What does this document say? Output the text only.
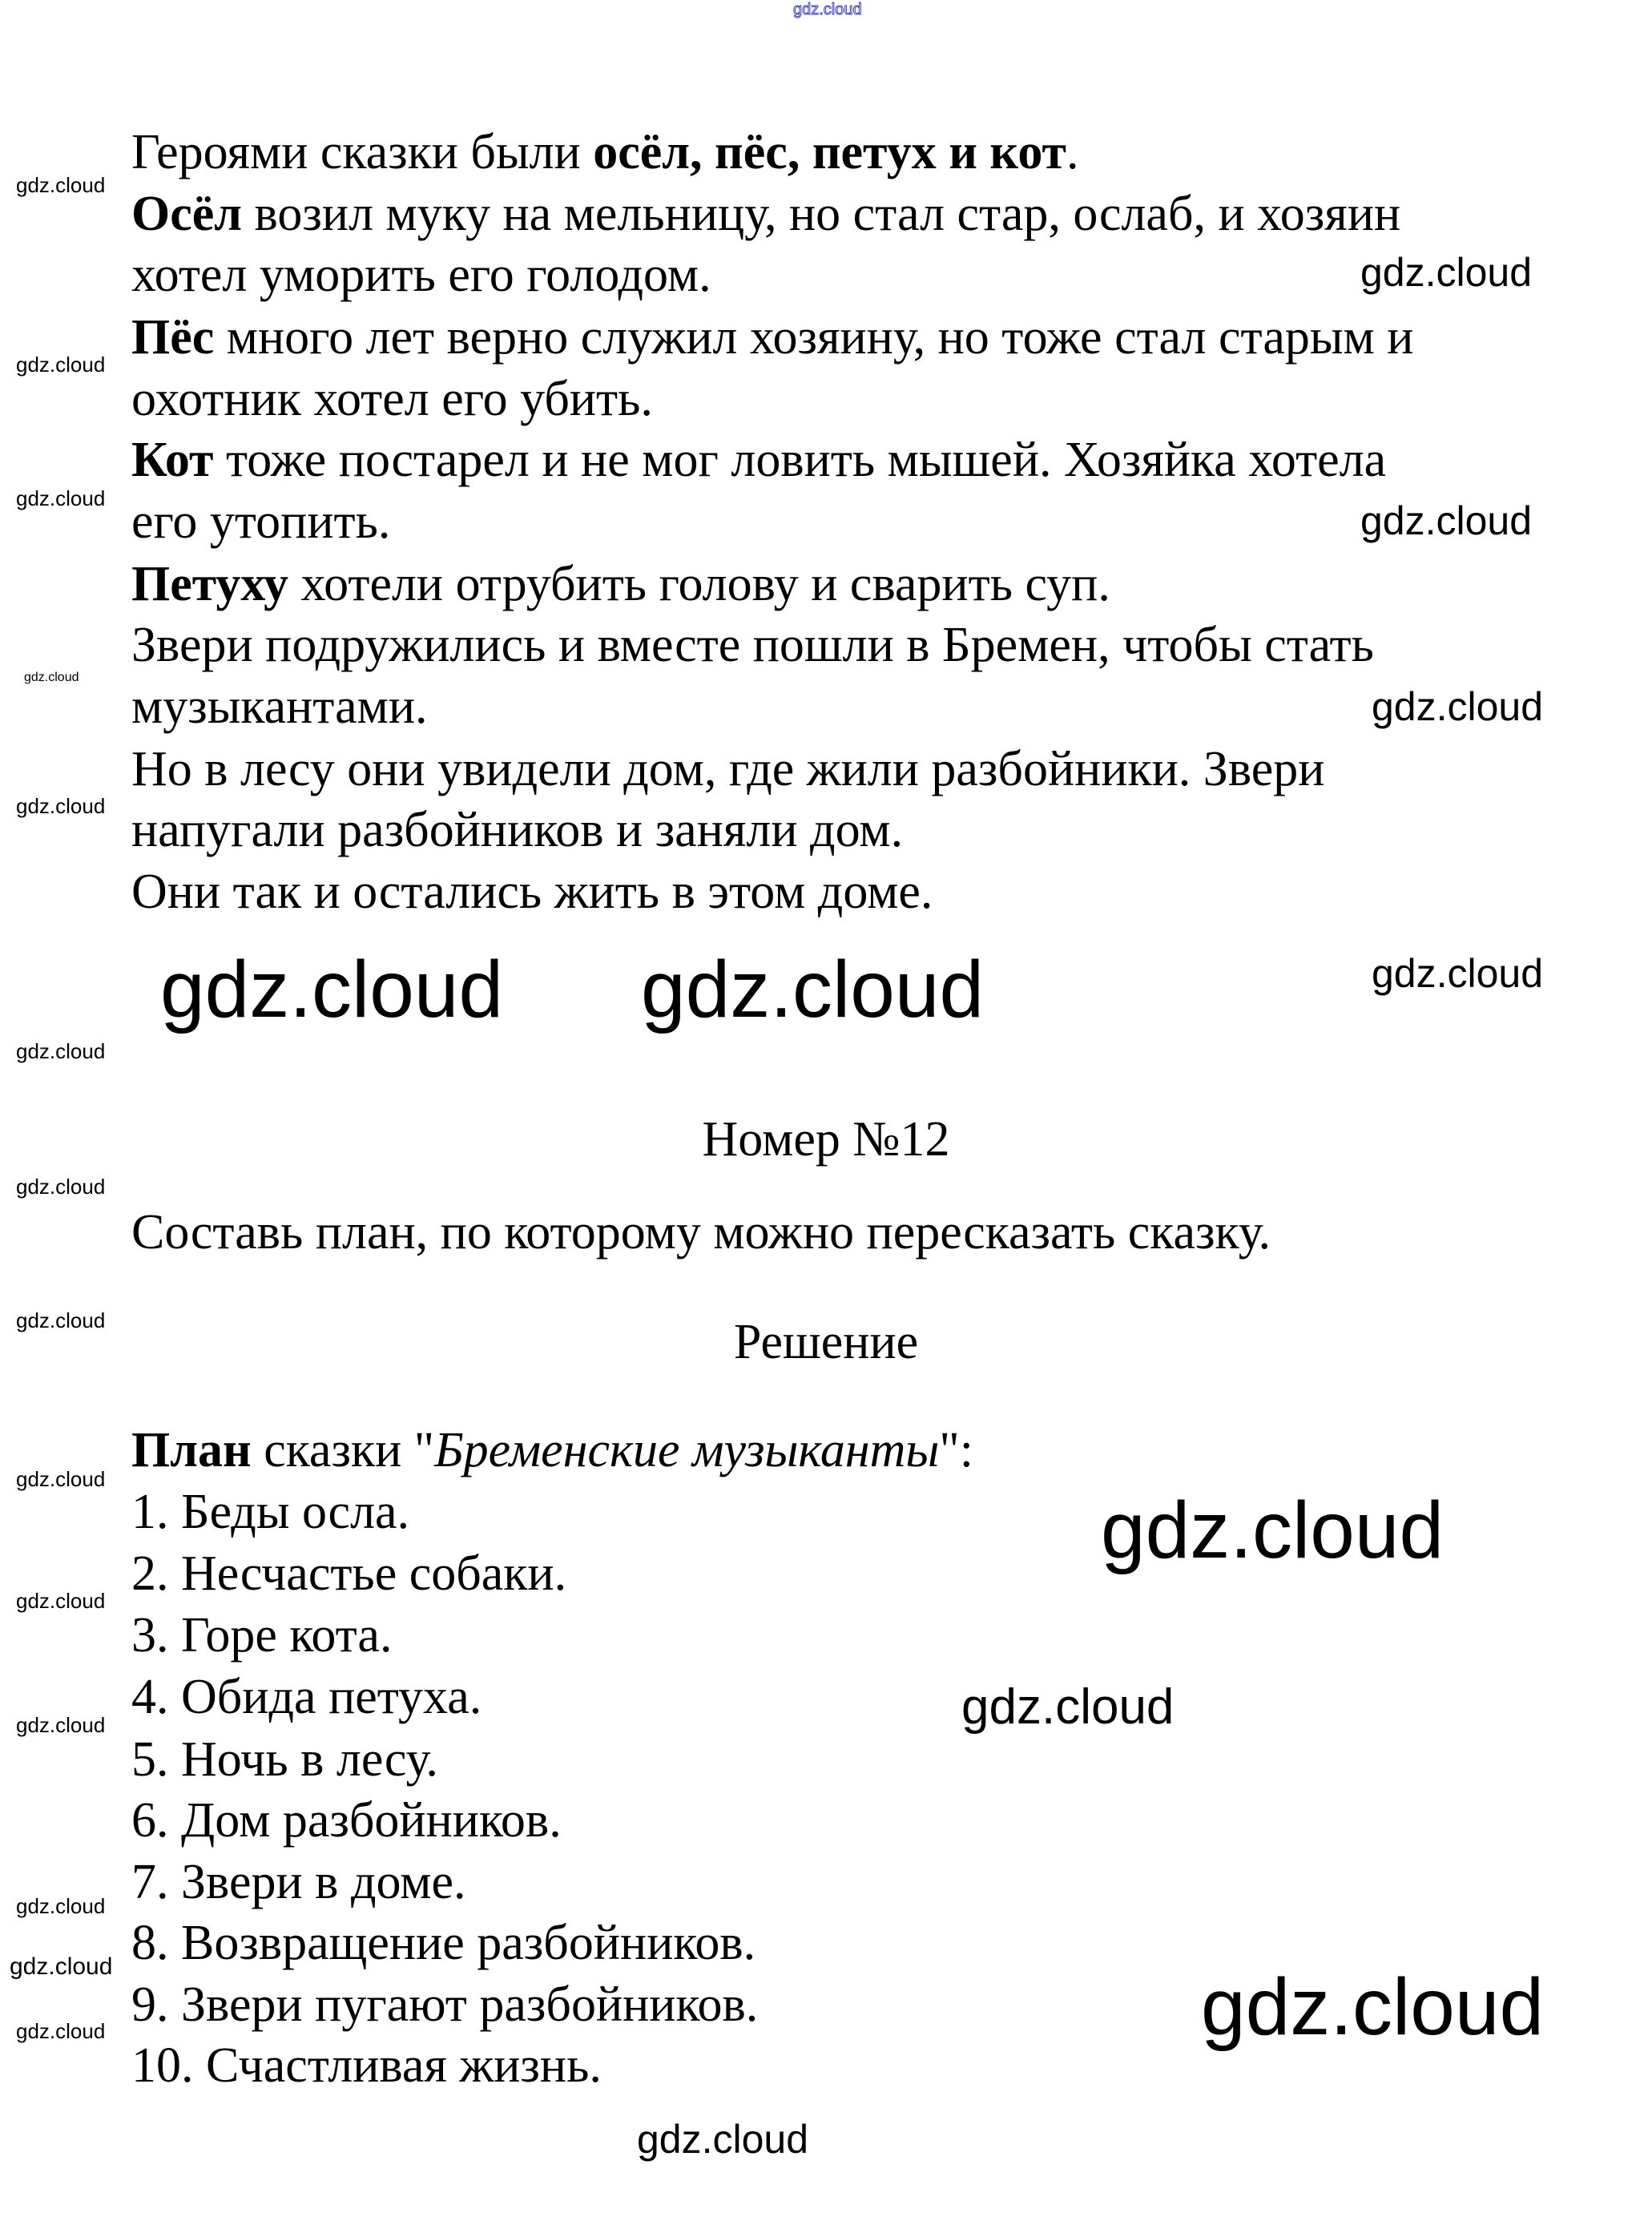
gdz.cloud
Героями сказки были осёл, пёс, петух и кот.
Осёл возил муку на мельницу, но стал стар, ослаб, и хозяин
хотел уморить его голодом.
Пёс много лет верно служил хозяину, но тоже стал старым и
охотник хотел его убить.
Кот тоже постарел и не мог ловить мышей. Хозяйка хотела
его утопить.
Петуху хотели отрубить голову и сварить суп.
Звери подружились и вместе пошли в Бремен, чтобы стать
музыкантами.
Но в лесу они увидели дом, где жили разбойники. Звери
напугали разбойников и заняли дом.
Они так и остались жить в этом доме.
Номер №12
Составь план, по которому можно пересказать сказку.
Решение
План сказки "Бременские музыканты":
1. Беды осла.
2. Несчастье собаки.
3. Горе кота.
4. Обида петуха.
5. Ночь в лесу.
6. Дом разбойников.
7. Звери в доме.
8. Возвращение разбойников.
9. Звери пугают разбойников.
10. Счастливая жизнь.
gdz.cloud
gdz.cloud
gdz.cloud
gdz.cloud
gdz.cloud
gdz.cloud
gdz.cloud
gdz.cloud
gdz.cloud
gdz.cloud
gdz.cloud
gdz.cloud
gdz.cloud
gdz.cloud
gdz.cloud
gdz.cloud
gdz.cloud
gdz.cloud
gdz.cloud
gdz.cloud
gdz.cloud gdz.cloud
gdz.cloud
gdz.cloud
